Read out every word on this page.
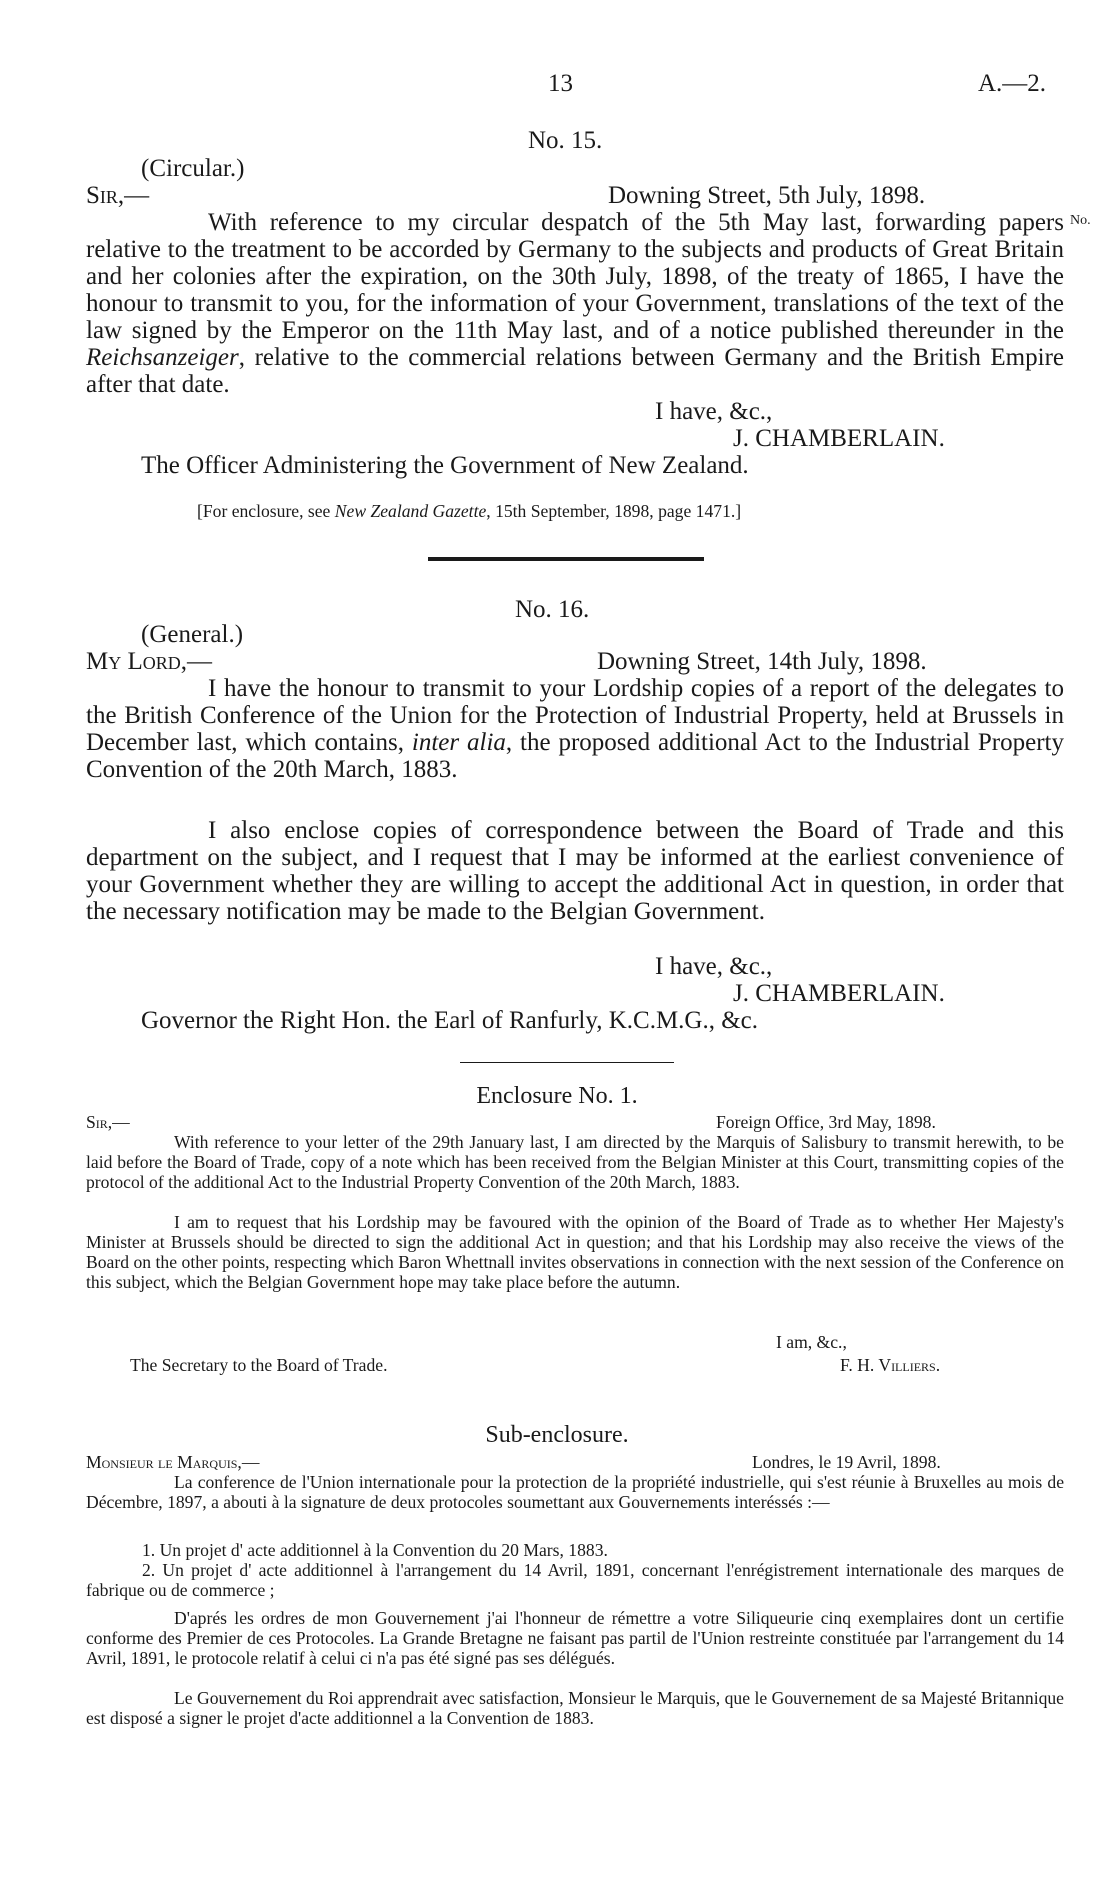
13	A.—2.
No. 15.
(Circular.)
Sir,—	Downing Street, 5th July, 1898.
No.
With reference to my circular despatch of the 5th May last, forwarding papers relative to the treatment to be accorded by Germany to the subjects and products of Great Britain and her colonies after the expiration, on the 30th July, 1898, of the treaty of 1865, I have the honour to transmit to you, for the information of your Government, translations of the text of the law signed by the Emperor on the 11th May last, and of a notice published thereunder in the Reichsanzeiger, relative to the commercial relations between Germany and the British Empire after that date.
I have, &c.,
J. CHAMBERLAIN.
The Officer Administering the Government of New Zealand.
[For enclosure, see New Zealand Gazette, 15th September, 1898, page 1471.]
No. 16.
(General.)
My Lord,—	Downing Street, 14th July, 1898.
I have the honour to transmit to your Lordship copies of a report of the delegates to the British Conference of the Union for the Protection of Industrial Property, held at Brussels in December last, which contains, inter alia, the proposed additional Act to the Industrial Property Convention of the 20th March, 1883.
I also enclose copies of correspondence between the Board of Trade and this department on the subject, and I request that I may be informed at the earliest convenience of your Government whether they are willing to accept the additional Act in question, in order that the necessary notification may be made to the Belgian Government.
I have, &c.,
J. CHAMBERLAIN.
Governor the Right Hon. the Earl of Ranfurly, K.C.M.G., &c.
Enclosure No. 1.
Sir,—	Foreign Office, 3rd May, 1898.
With reference to your letter of the 29th January last, I am directed by the Marquis of Salisbury to transmit herewith, to be laid before the Board of Trade, copy of a note which has been received from the Belgian Minister at this Court, transmitting copies of the protocol of the additional Act to the Industrial Property Convention of the 20th March, 1883.
I am to request that his Lordship may be favoured with the opinion of the Board of Trade as to whether Her Majesty's Minister at Brussels should be directed to sign the additional Act in question; and that his Lordship may also receive the views of the Board on the other points, respecting which Baron Whettnall invites observations in connection with the next session of the Conference on this subject, which the Belgian Government hope may take place before the autumn.
I am, &c.,
The Secretary to the Board of Trade.	F. H. Villiers.
Sub-enclosure.
Monsieur le Marquis,—	Londres, le 19 Avril, 1898.
La conference de l'Union internationale pour la protection de la propriété industrielle, qui s'est réunie à Bruxelles au mois de Décembre, 1897, a abouti à la signature de deux protocoles soumettant aux Gouvernements interéssés :—
1. Un projet d' acte additionnel à la Convention du 20 Mars, 1883.
2. Un projet d' acte additionnel à l'arrangement du 14 Avril, 1891, concernant l'enrégistrement internationale des marques de fabrique ou de commerce ;
D'aprés les ordres de mon Gouvernement j'ai l'honneur de rémettre a votre Siliqueurie cinq exemplaires dont un certifie conforme des Premier de ces Protocoles. La Grande Bretagne ne faisant pas partil de l'Union restreinte constituée par l'arrangement du 14 Avril, 1891, le protocole relatif à celui ci n'a pas été signé pas ses délégués.
Le Gouvernement du Roi apprendrait avec satisfaction, Monsieur le Marquis, que le Gouvernement de sa Majesté Britannique est disposé a signer le projet d'acte additionnel a la Convention de 1883.
